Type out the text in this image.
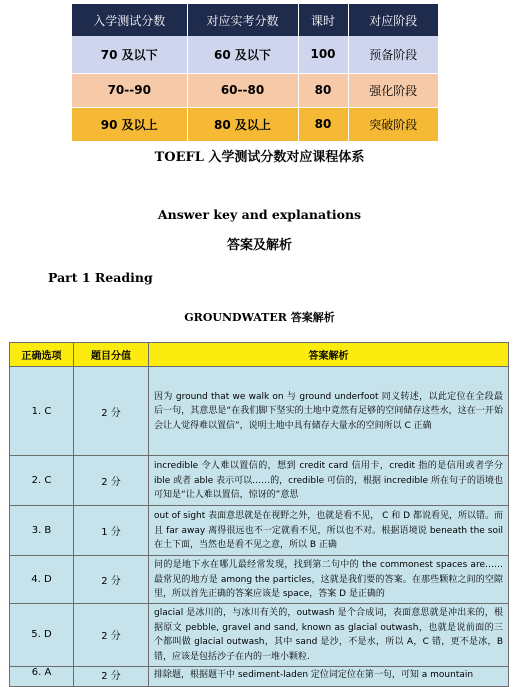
入学测试分数	对应实考分数	课时	对应阶段
70 及以下	60 及以下	100	预备阶段
70--90	60--80	80	强化阶段
90 及以上	80 及以上	80	突破阶段
TOEFL 入学测试分数对应课程体系
Answer key and explanations
答案及解析
Part 1 Reading
GROUNDWATER 答案解析
正确选项	题目分值	答案解析
1. C	2 分	因为 ground that we walk on 与 ground underfoot 同义转述，以此定位在全段最后一句，其意思是“在我们脚下坚实的土地中竟然有足够的空间储存这些水，这在一开始会让人觉得难以置信”，说明土地中具有储存大量水的空间所以 C 正确
2. C	2 分	incredible 令人难以置信的，想到 credit card 信用卡，credit 指的是信用或者学分 ible 或者 able 表示可以……的，credible 可信的，根据 incredible 所在句子的语境也可知是“让人难以置信，惊讶的”意思
3. B	1 分	out of sight 表面意思就是在视野之外，也就是看不见， C 和 D 都说看见，所以错。而且 far away 离得很远也不一定就看不见，所以也不对。根据语境说 beneath the soil 在土下面，当然也是看不见之意，所以 B 正确
4. D	2 分	问的是地下水在哪儿最经常发现，找到第二句中的 the commonest spaces are……最常见的地方是 among the particles，这就是我们要的答案。在那些颗粒之间的空隙里，所以首先正确的答案应该是 space，答案 D 是正确的
5. D	2 分	glacial 是冰川的，与冰川有关的，outwash 是个合成词，表面意思就是冲出来的，根据原文 pebble, gravel and sand, known as glacial outwash，也就是说前面的三个都叫做 glacial outwash，其中 sand 是沙，不是水，所以 A，C 错，更不是冰，B 错，应该是包括沙子在内的一堆小颗粒.
6. A	2 分	排除题，根据题干中 sediment-laden 定位词定位在第一句，可知 a mountain
